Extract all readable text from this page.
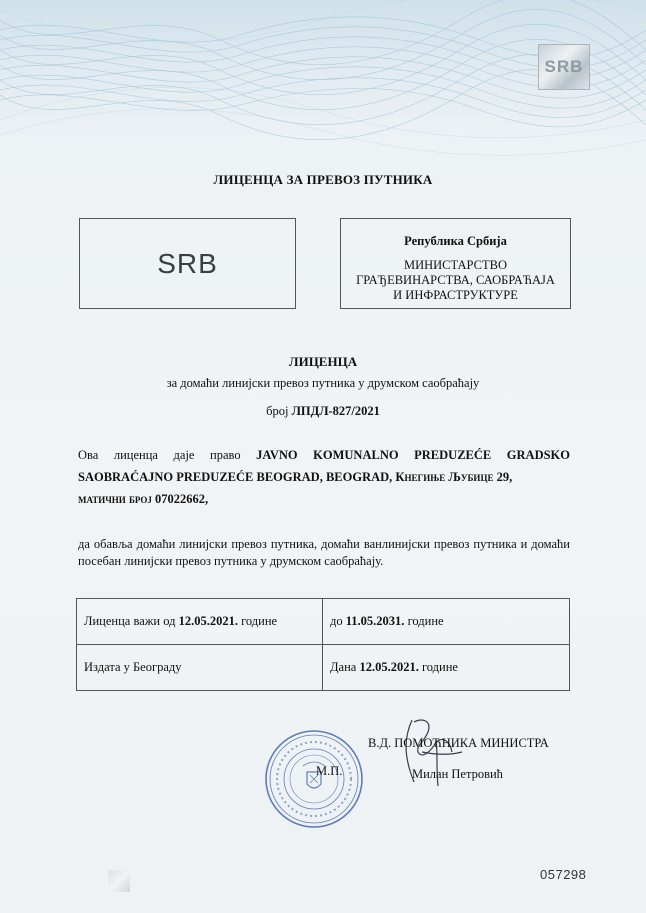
SRB
ЛИЦЕНЦА ЗА ПРЕВОЗ ПУТНИКА
SRB
Република Србија
МИНИСТАРСТВО
ГРАЂЕВИНАРСТВА, САОБРАЋАЈА
И ИНФРАСТРУКТУРЕ
ЛИЦЕНЦА
за домаћи линијски превоз путника у друмском саобраћају
број ЛПДЛ-827/2021
Ова лиценца даје право JAVNO KOMUNALNO PREDUZEĆE GRADSKO SAOBRAĆAJNO PREDUZEĆE BEOGRAD, BEOGRAD, Кнегиње Љубице 29,
матични број 07022662,
да обавља домаћи линијски превоз путника, домаћи ванлинијски превоз путника и домаћи посебан линијски превоз путника у друмском саобраћају.
Лиценца важи од 12.05.2021. године	до 11.05.2031. године
Издата у Београду	Дана 12.05.2021. године
М.П.
В.Д. ПОМОЋНИКА МИНИСТРА
Милан Петровић
057298
